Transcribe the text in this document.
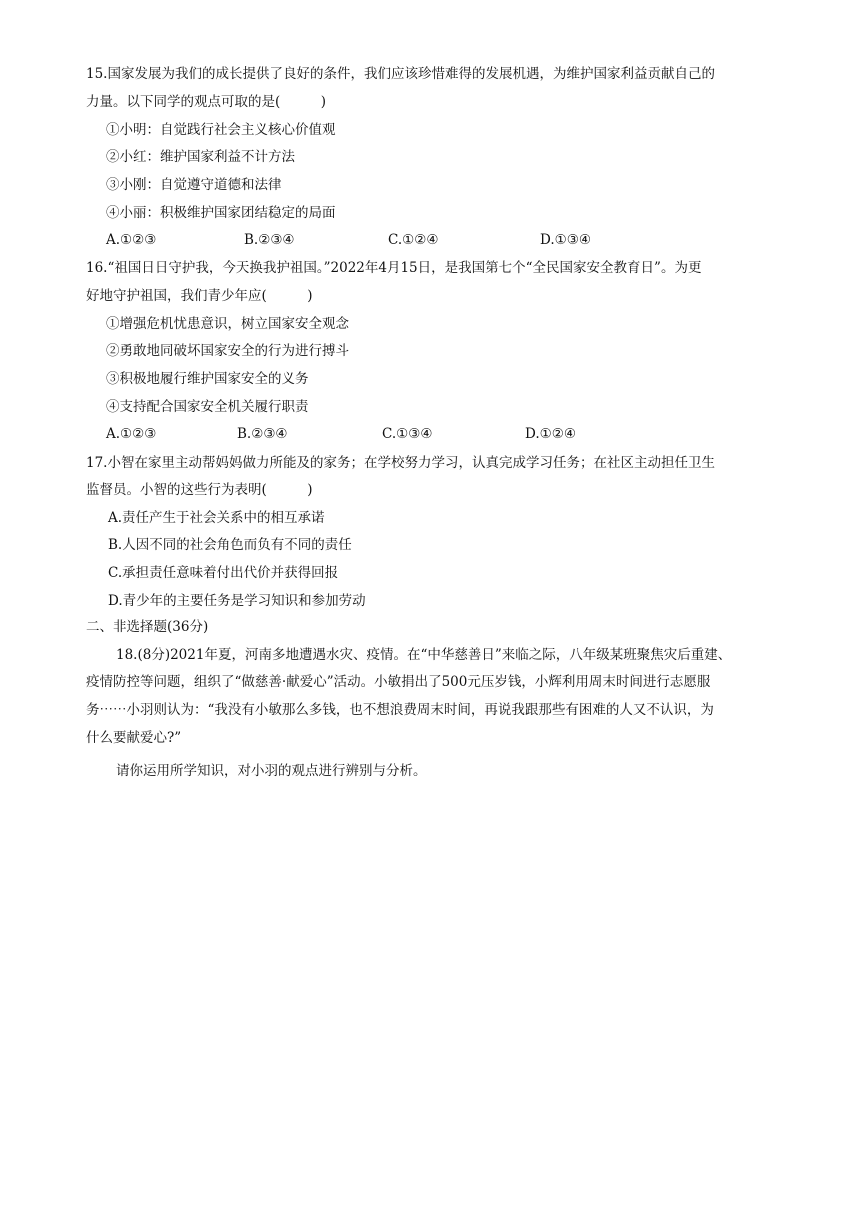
15.国家发展为我们的成长提供了良好的条件，我们应该珍惜难得的发展机遇，为维护国家利益贡献自己的
力量。以下同学的观点可取的是(　　　)
①小明：自觉践行社会主义核心价值观
②小红：维护国家利益不计方法
③小刚：自觉遵守道德和法律
④小丽：积极维护国家团结稳定的局面
A.①②③	B.②③④	C.①②④	D.①③④
16.“祖国日日守护我，今天换我护祖国。”2022年4月15日，是我国第七个“全民国家安全教育日”。为更
好地守护祖国，我们青少年应(　　　)
①增强危机忧患意识，树立国家安全观念
②勇敢地同破坏国家安全的行为进行搏斗
③积极地履行维护国家安全的义务
④支持配合国家安全机关履行职责
A.①②③	B.②③④	C.①③④	D.①②④
17.小智在家里主动帮妈妈做力所能及的家务；在学校努力学习，认真完成学习任务；在社区主动担任卫生
监督员。小智的这些行为表明(　　　)
A.责任产生于社会关系中的相互承诺
B.人因不同的社会角色而负有不同的责任
C.承担责任意味着付出代价并获得回报
D.青少年的主要任务是学习知识和参加劳动
二、非选择题(36分)
18.(8分)2021年夏，河南多地遭遇水灾、疫情。在“中华慈善日”来临之际，八年级某班聚焦灾后重建、
疫情防控等问题，组织了“做慈善·献爱心”活动。小敏捐出了500元压岁钱，小辉利用周末时间进行志愿服
务⋯⋯小羽则认为：“我没有小敏那么多钱，也不想浪费周末时间，再说我跟那些有困难的人又不认识，为
什么要献爱心?”
请你运用所学知识，对小羽的观点进行辨别与分析。
